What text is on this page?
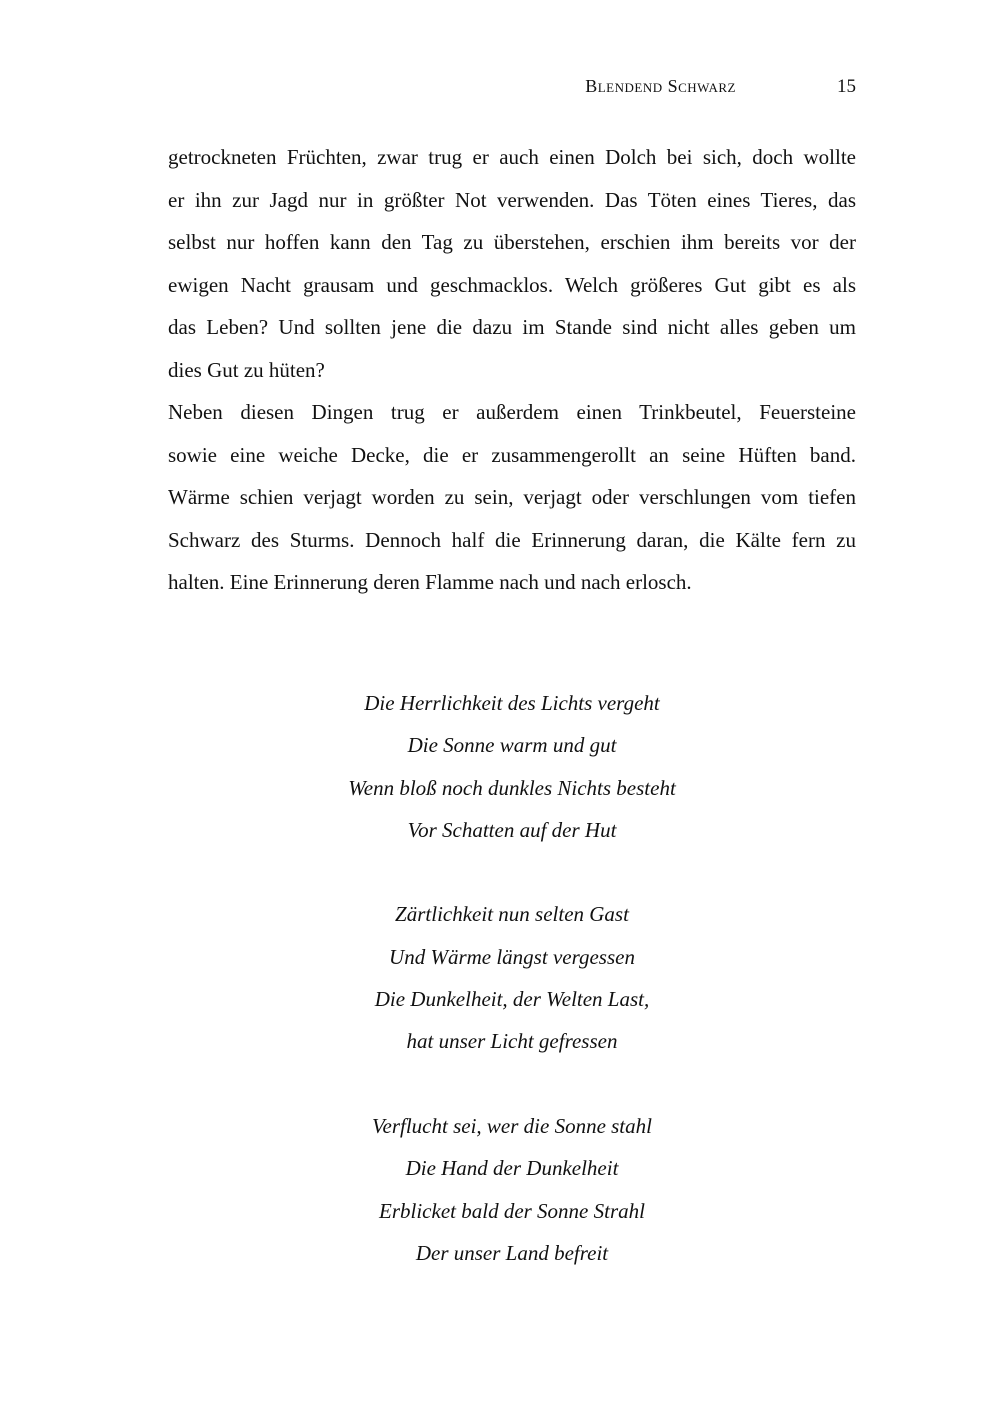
Blendend Schwarz	15
getrockneten Früchten, zwar trug er auch einen Dolch bei sich, doch wollte
er ihn zur Jagd nur in größter Not verwenden. Das Töten eines Tieres, das
selbst nur hoffen kann den Tag zu überstehen, erschien ihm bereits vor der
ewigen Nacht grausam und geschmacklos. Welch größeres Gut gibt es als
das Leben? Und sollten jene die dazu im Stande sind nicht alles geben um
dies Gut zu hüten?
Neben diesen Dingen trug er außerdem einen Trinkbeutel, Feuersteine
sowie eine weiche Decke, die er zusammengerollt an seine Hüften band.
Wärme schien verjagt worden zu sein, verjagt oder verschlungen vom tiefen
Schwarz des Sturms. Dennoch half die Erinnerung daran, die Kälte fern zu
halten. Eine Erinnerung deren Flamme nach und nach erlosch.
Die Herrlichkeit des Lichts vergeht
Die Sonne warm und gut
Wenn bloß noch dunkles Nichts besteht
Vor Schatten auf der Hut
Zärtlichkeit nun selten Gast
Und Wärme längst vergessen
Die Dunkelheit, der Welten Last,
hat unser Licht gefressen
Verflucht sei, wer die Sonne stahl
Die Hand der Dunkelheit
Erblicket bald der Sonne Strahl
Der unser Land befreit
